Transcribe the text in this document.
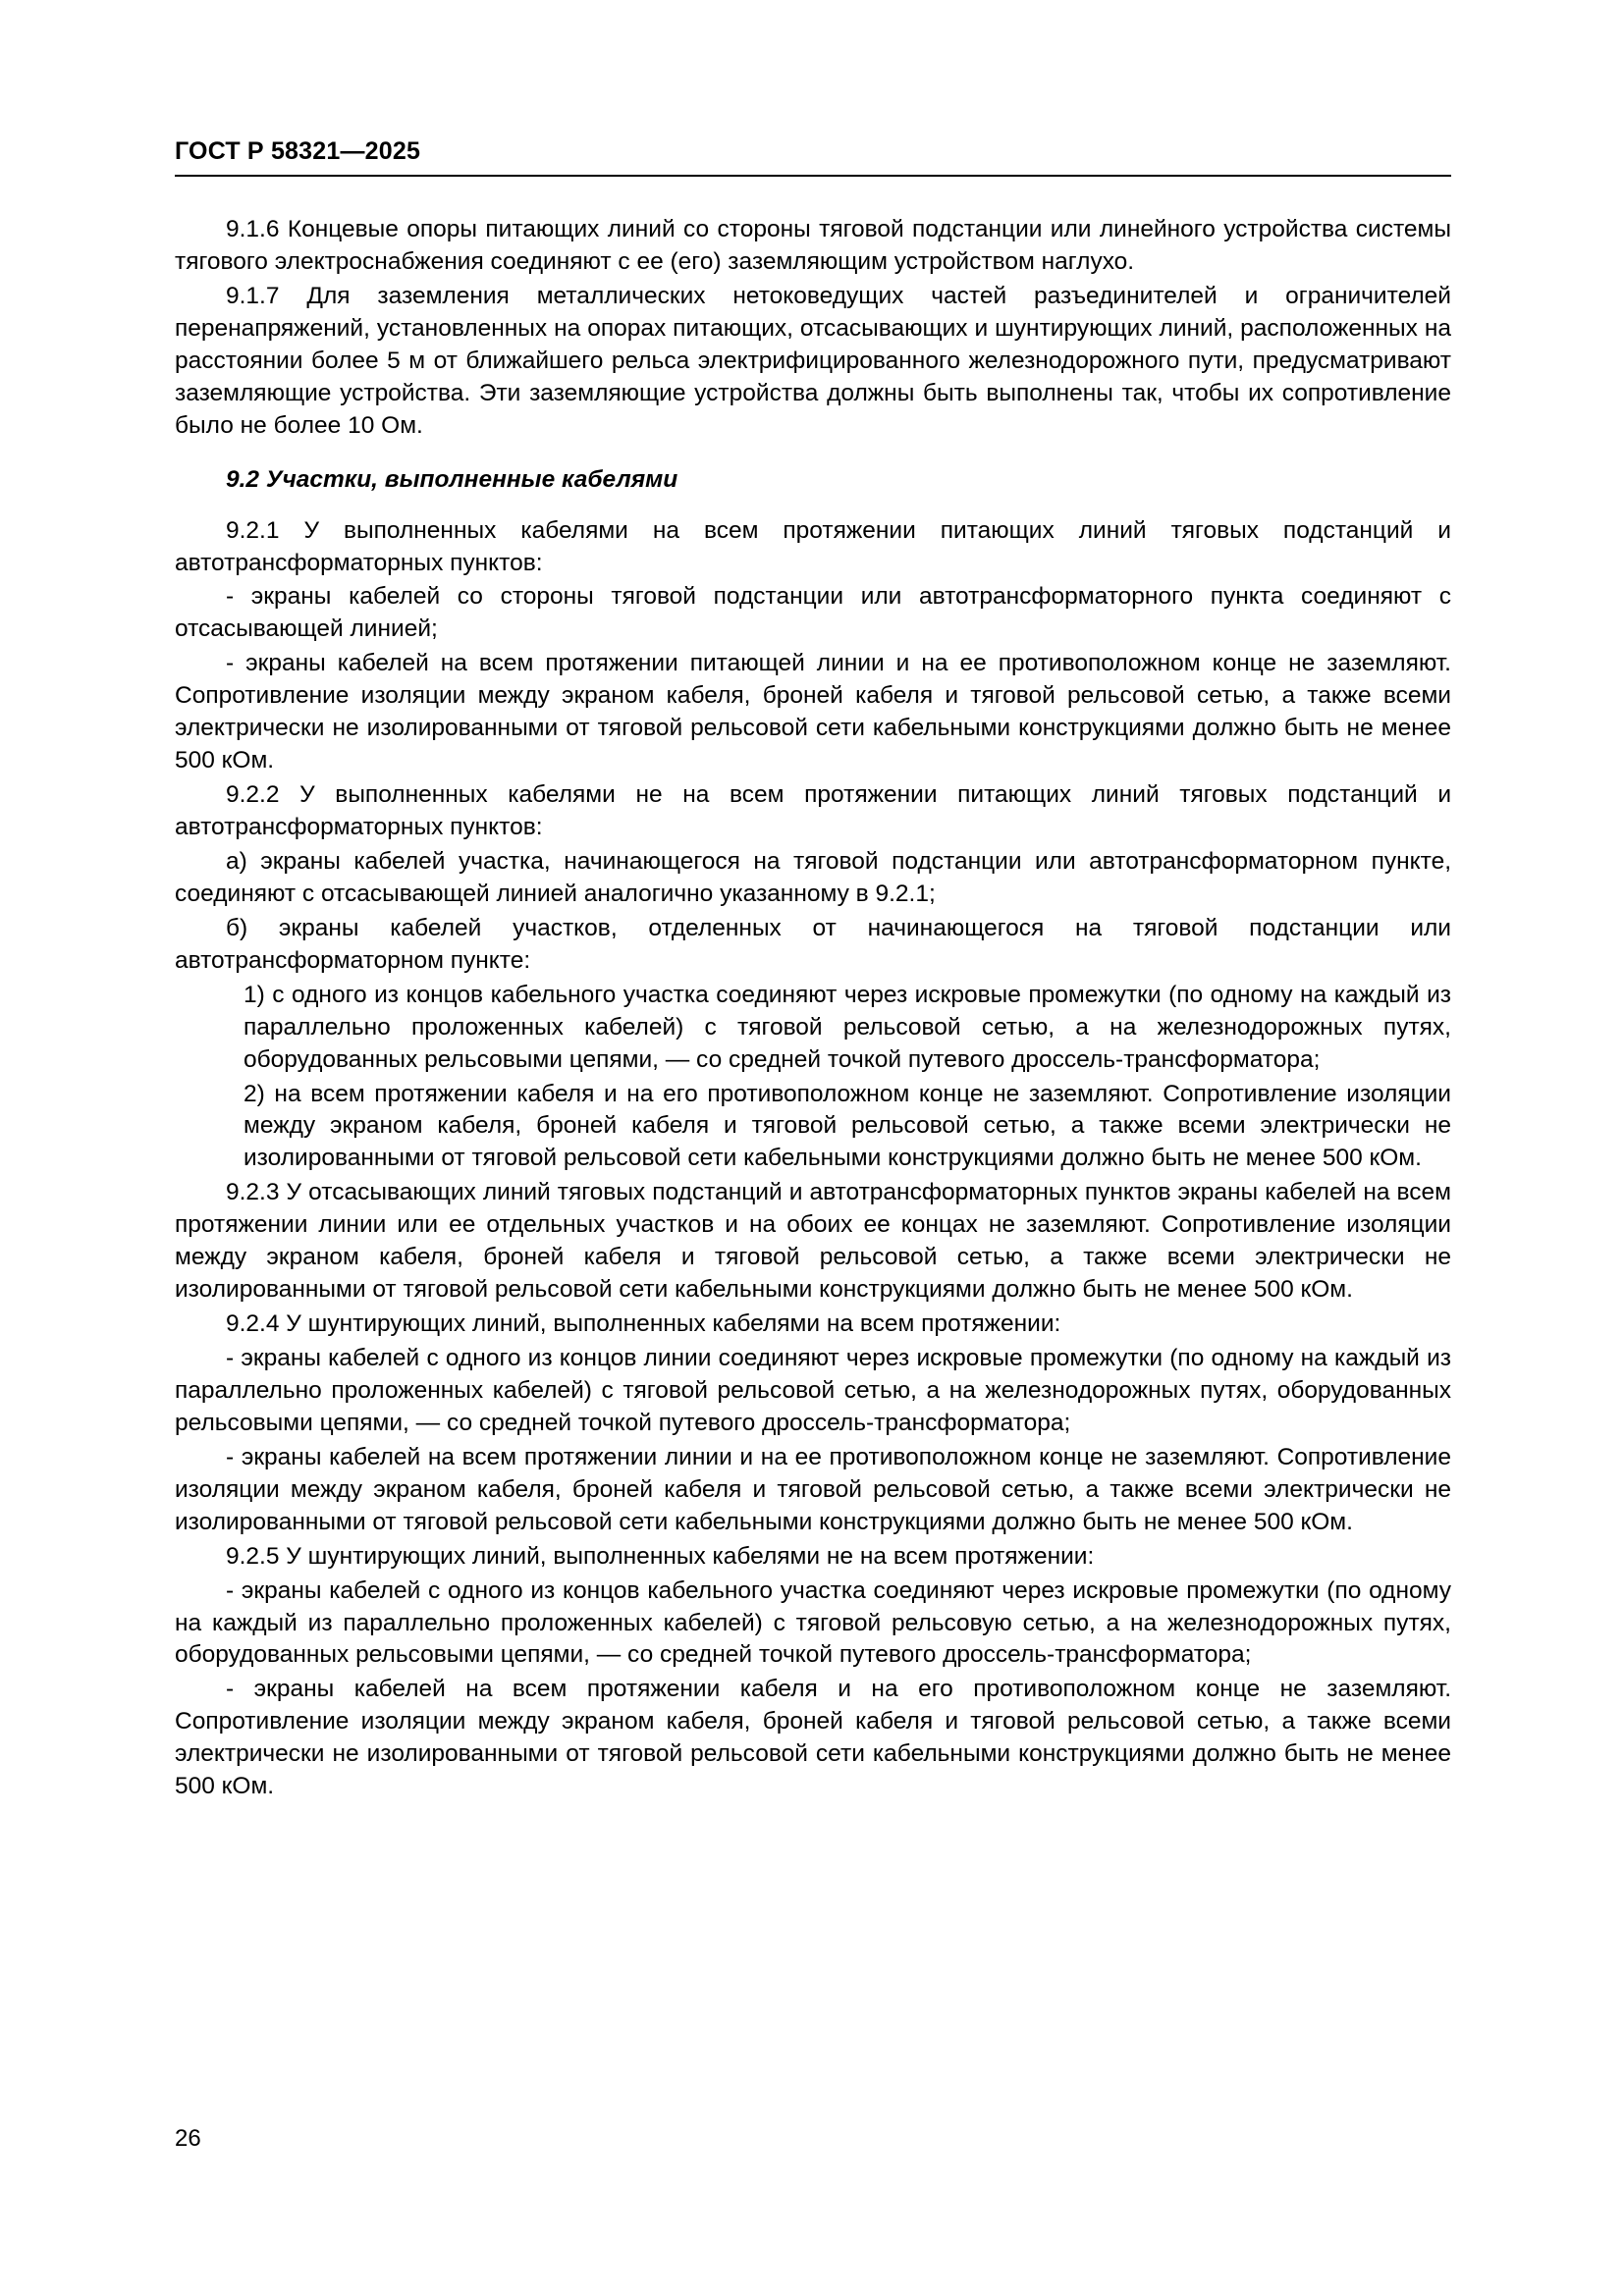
ГОСТ Р 58321—2025

9.1.6 Концевые опоры питающих линий со стороны тяговой подстанции или линейного устройства системы тягового электроснабжения соединяют с ее (его) заземляющим устройством наглухо.

9.1.7 Для заземления металлических нетоковедущих частей разъединителей и ограничителей перенапряжений, установленных на опорах питающих, отсасывающих и шунтирующих линий, расположенных на расстоянии более 5 м от ближайшего рельса электрифицированного железнодорожного пути, предусматривают заземляющие устройства. Эти заземляющие устройства должны быть выполнены так, чтобы их сопротивление было не более 10 Ом.

9.2 Участки, выполненные кабелями

9.2.1 У выполненных кабелями на всем протяжении питающих линий тяговых подстанций и автотрансформаторных пунктов:

- экраны кабелей со стороны тяговой подстанции или автотрансформаторного пункта соединяют с отсасывающей линией;

- экраны кабелей на всем протяжении питающей линии и на ее противоположном конце не заземляют. Сопротивление изоляции между экраном кабеля, броней кабеля и тяговой рельсовой сетью, а также всеми электрически не изолированными от тяговой рельсовой сети кабельными конструкциями должно быть не менее 500 кОм.

9.2.2 У выполненных кабелями не на всем протяжении питающих линий тяговых подстанций и автотрансформаторных пунктов:

а) экраны кабелей участка, начинающегося на тяговой подстанции или автотрансформаторном пункте, соединяют с отсасывающей линией аналогично указанному в 9.2.1;

б) экраны кабелей участков, отделенных от начинающегося на тяговой подстанции или автотрансформаторном пункте:

1) с одного из концов кабельного участка соединяют через искровые промежутки (по одному на каждый из параллельно проложенных кабелей) с тяговой рельсовой сетью, а на железнодорожных путях, оборудованных рельсовыми цепями, — со средней точкой путевого дроссель-трансформатора;

2) на всем протяжении кабеля и на его противоположном конце не заземляют. Сопротивление изоляции между экраном кабеля, броней кабеля и тяговой рельсовой сетью, а также всеми электрически не изолированными от тяговой рельсовой сети кабельными конструкциями должно быть не менее 500 кОм.

9.2.3 У отсасывающих линий тяговых подстанций и автотрансформаторных пунктов экраны кабелей на всем протяжении линии или ее отдельных участков и на обоих ее концах не заземляют. Сопротивление изоляции между экраном кабеля, броней кабеля и тяговой рельсовой сетью, а также всеми электрически не изолированными от тяговой рельсовой сети кабельными конструкциями должно быть не менее 500 кОм.

9.2.4 У шунтирующих линий, выполненных кабелями на всем протяжении:

- экраны кабелей с одного из концов линии соединяют через искровые промежутки (по одному на каждый из параллельно проложенных кабелей) с тяговой рельсовой сетью, а на железнодорожных путях, оборудованных рельсовыми цепями, — со средней точкой путевого дроссель-трансформатора;

- экраны кабелей на всем протяжении линии и на ее противоположном конце не заземляют. Сопротивление изоляции между экраном кабеля, броней кабеля и тяговой рельсовой сетью, а также всеми электрически не изолированными от тяговой рельсовой сети кабельными конструкциями должно быть не менее 500 кОм.

9.2.5 У шунтирующих линий, выполненных кабелями не на всем протяжении:

- экраны кабелей с одного из концов кабельного участка соединяют через искровые промежутки (по одному на каждый из параллельно проложенных кабелей) с тяговой рельсовую сетью, а на железнодорожных путях, оборудованных рельсовыми цепями, — со средней точкой путевого дроссель-трансформатора;

- экраны кабелей на всем протяжении кабеля и на его противоположном конце не заземляют. Сопротивление изоляции между экраном кабеля, броней кабеля и тяговой рельсовой сетью, а также всеми электрически не изолированными от тяговой рельсовой сети кабельными конструкциями должно быть не менее 500 кОм.

26
